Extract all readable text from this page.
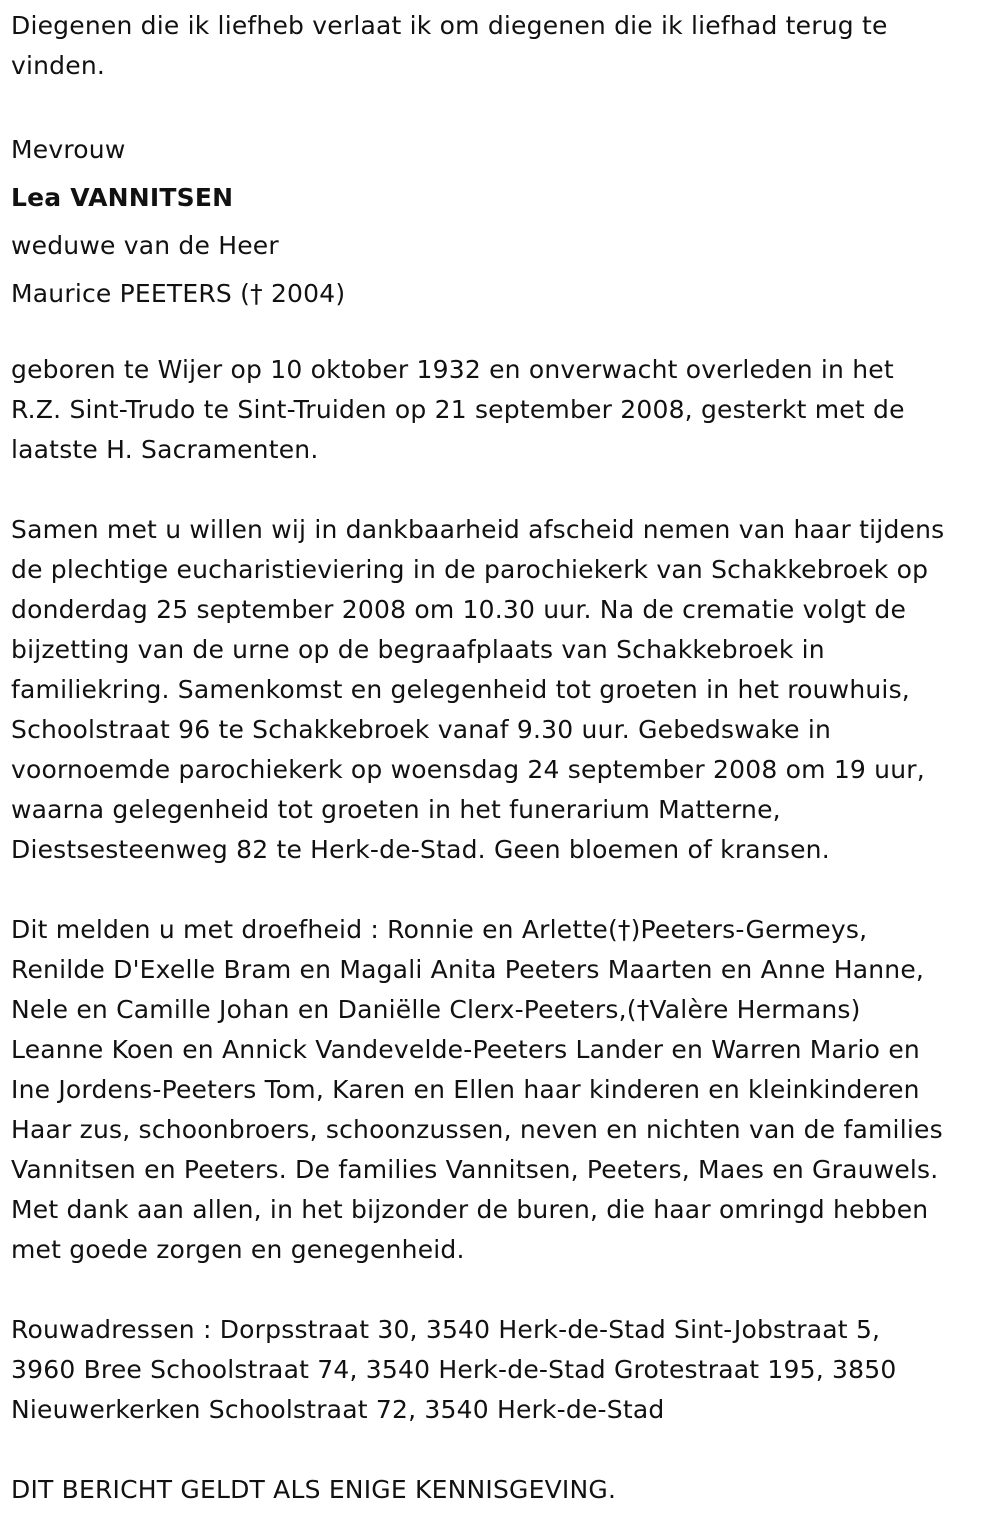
Diegenen die ik liefheb verlaat ik om diegenen die ik liefhad terug te
vinden.
Mevrouw
Lea VANNITSEN
weduwe van de Heer
Maurice PEETERS († 2004)
geboren te Wijer op 10 oktober 1932 en onverwacht overleden in het
R.Z. Sint-Trudo te Sint-Truiden op 21 september 2008, gesterkt met de
laatste H. Sacramenten.
Samen met u willen wij in dankbaarheid afscheid nemen van haar tijdens
de plechtige eucharistieviering in de parochiekerk van Schakkebroek op
donderdag 25 september 2008 om 10.30 uur. Na de crematie volgt de
bijzetting van de urne op de begraafplaats van Schakkebroek in
familiekring. Samenkomst en gelegenheid tot groeten in het rouwhuis,
Schoolstraat 96 te Schakkebroek vanaf 9.30 uur. Gebedswake in
voornoemde parochiekerk op woensdag 24 september 2008 om 19 uur,
waarna gelegenheid tot groeten in het funerarium Matterne,
Diestsesteenweg 82 te Herk-de-Stad. Geen bloemen of kransen.
Dit melden u met droefheid : Ronnie en Arlette(†)Peeters-Germeys,
Renilde D'Exelle Bram en Magali Anita Peeters Maarten en Anne Hanne,
Nele en Camille Johan en Daniëlle Clerx-Peeters,(†Valère Hermans)
Leanne Koen en Annick Vandevelde-Peeters Lander en Warren Mario en
Ine Jordens-Peeters Tom, Karen en Ellen haar kinderen en kleinkinderen
Haar zus, schoonbroers, schoonzussen, neven en nichten van de families
Vannitsen en Peeters. De families Vannitsen, Peeters, Maes en Grauwels.
Met dank aan allen, in het bijzonder de buren, die haar omringd hebben
met goede zorgen en genegenheid.
Rouwadressen : Dorpsstraat 30, 3540 Herk-de-Stad Sint-Jobstraat 5,
3960 Bree Schoolstraat 74, 3540 Herk-de-Stad Grotestraat 195, 3850
Nieuwerkerken Schoolstraat 72, 3540 Herk-de-Stad
DIT BERICHT GELDT ALS ENIGE KENNISGEVING.
